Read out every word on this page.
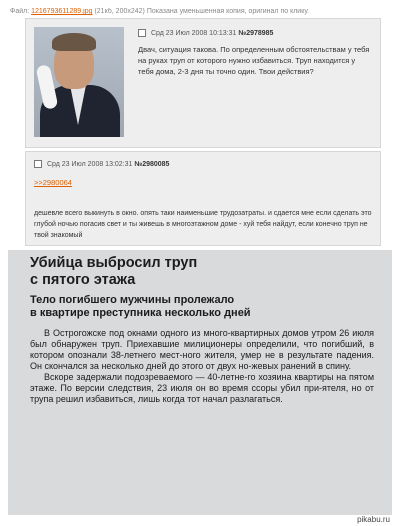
Файл: 1216793611289.jpg (21кб, 200x242) Показана уменьшенная копия, оригинал по клику.
Срд 23 Июл 2008 10:13:31 №2978985
Двач, ситуация такова. По определенным обстоятельствам у тебя на руках труп от которого нужно избавиться. Труп находится у тебя дома, 2-3 дня ты точно один. Твои действия?
Срд 23 Июл 2008 13:02:31 №2980085
>>2980064
дешевле всего выкинуть в окно. опять таки наименьшие трудозатраты. и сдается мне если сделать это глубой ночью погасив свет и ты живешь в многоэтажном доме - хуй тебя найдут, если конечно труп не твой знакомый
Убийца выбросил труп
с пятого этажа
Тело погибшего мужчины пролежало
в квартире преступника несколько дней

В Острогожске под окнами одного из много-квартирных домов утром 26 июля был обнаружен труп. Приехавшие милиционеры определили, что погибший, в котором опознали 38-летнего мест-ного жителя, умер не в результате падения. Он скончался за несколько дней до этого от двух но-жевых ранений в спину.

Вскоре задержали подозреваемого — 40-летне-го хозяина квартиры на пятом этаже. По версии следствия, 23 июля он во время ссоры убил при-ятеля, но от трупа решил избавиться, лишь когда тот начал разлагаться.

pikabu.ru
